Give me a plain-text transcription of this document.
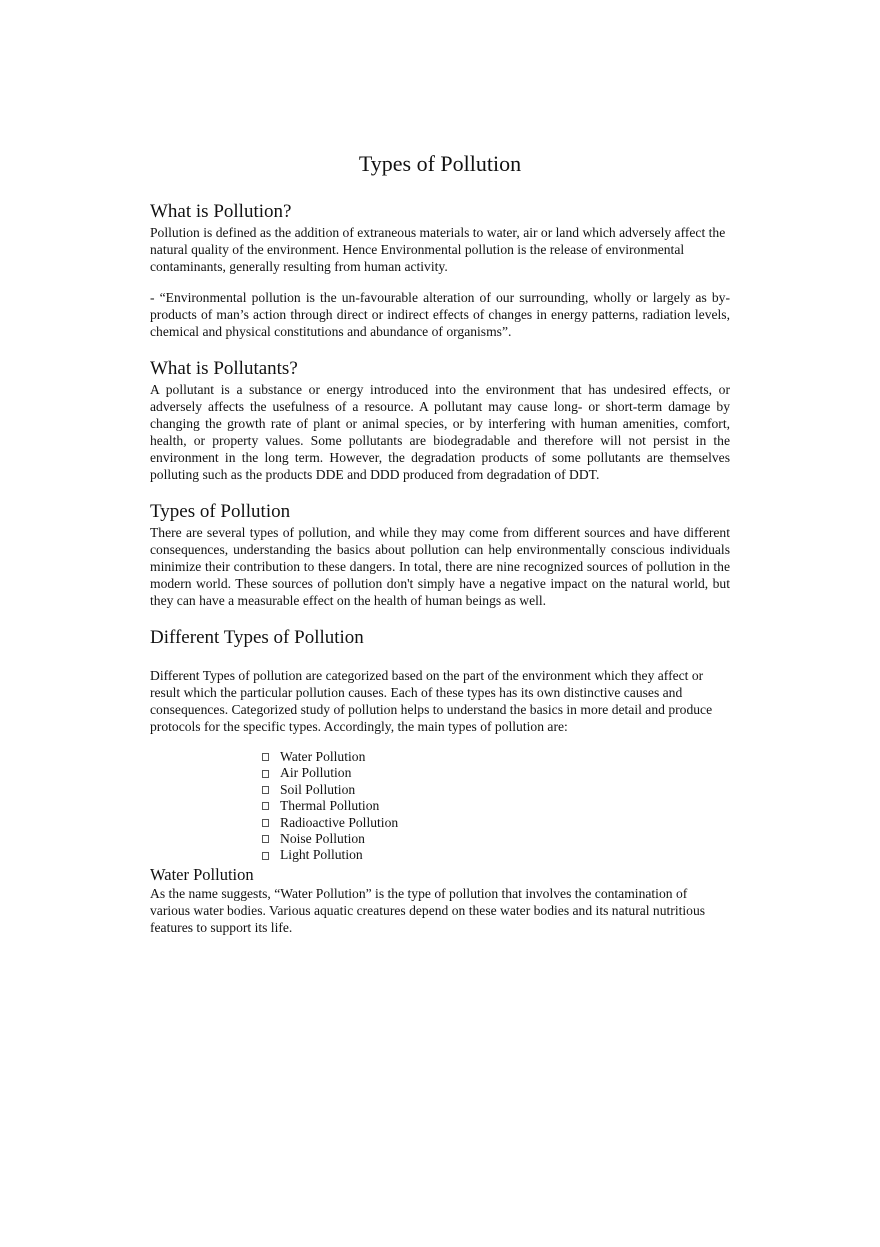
Types of Pollution
What is Pollution?

Pollution is defined as the addition of extraneous materials to water, air or land which adversely affect the natural quality of the environment. Hence Environmental pollution is the release of environmental contaminants, generally resulting from human activity.

- “Environmental pollution is the un-favourable alteration of our surrounding, wholly or largely as by-products of man’s action through direct or indirect effects of changes in energy patterns, radiation levels, chemical and physical constitutions and abundance of organisms”.

What is Pollutants?

A pollutant is a substance or energy introduced into the environment that has undesired effects, or adversely affects the usefulness of a resource. A pollutant may cause long- or short-term damage by changing the growth rate of plant or animal species, or by interfering with human amenities, comfort, health, or property values. Some pollutants are biodegradable and therefore will not persist in the environment in the long term. However, the degradation products of some pollutants are themselves polluting such as the products DDE and DDD produced from degradation of DDT.

Types of Pollution

There are several types of pollution, and while they may come from different sources and have different consequences, understanding the basics about pollution can help environmentally conscious individuals minimize their contribution to these dangers. In total, there are nine recognized sources of pollution in the modern world. These sources of pollution don't simply have a negative impact on the natural world, but they can have a measurable effect on the health of human beings as well.

Different Types of Pollution

Different Types of pollution are categorized based on the part of the environment which they affect or result which the particular pollution causes. Each of these types has its own distinctive causes and consequences. Categorized study of pollution helps to understand the basics in more detail and produce protocols for the specific types. Accordingly, the main types of pollution are:

Water Pollution
Air Pollution
Soil Pollution
Thermal Pollution
Radioactive Pollution
Noise Pollution
Light Pollution
Water Pollution

As the name suggests, “Water Pollution” is the type of pollution that involves the contamination of various water bodies. Various aquatic creatures depend on these water bodies and its natural nutritious features to support its life.
